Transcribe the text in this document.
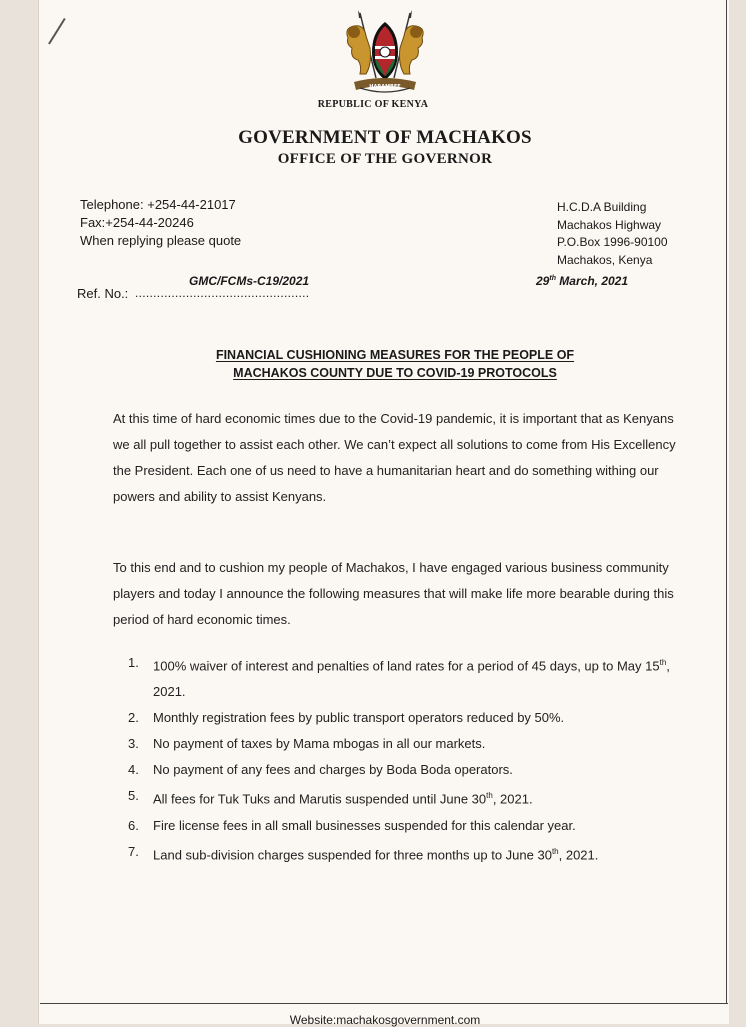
HARAMBEE
REPUBLIC OF KENYA
GOVERNMENT OF MACHAKOS
OFFICE OF THE GOVERNOR
Telephone: +254-44-21017
Fax:+254-44-20246
When replying please quote
H.C.D.A Building
Machakos Highway
P.O.Box 1996-90100
Machakos, Kenya
Ref. No.: ................................................
GMC/FCMs-C19/2021	29th March, 2021
FINANCIAL CUSHIONING MEASURES FOR THE PEOPLE OF
MACHAKOS COUNTY DUE TO COVID-19 PROTOCOLS
At this time of hard economic times due to the Covid-19 pandemic, it is important that as Kenyans we all pull together to assist each other. We can’t expect all solutions to come from His Excellency the President. Each one of us need to have a humanitarian heart and do something withing our powers and ability to assist Kenyans.
To this end and to cushion my people of Machakos, I have engaged various business community players and today I announce the following measures that will make life more bearable during this period of hard economic times.
1. 100% waiver of interest and penalties of land rates for a period of 45 days, up to May 15th, 2021.
2. Monthly registration fees by public transport operators reduced by 50%.
3. No payment of taxes by Mama mbogas in all our markets.
4. No payment of any fees and charges by Boda Boda operators.
5. All fees for Tuk Tuks and Marutis suspended until June 30th, 2021.
6. Fire license fees in all small businesses suspended for this calendar year.
7. Land sub-division charges suspended for three months up to June 30th, 2021.
Website:machakosgovernment.com
